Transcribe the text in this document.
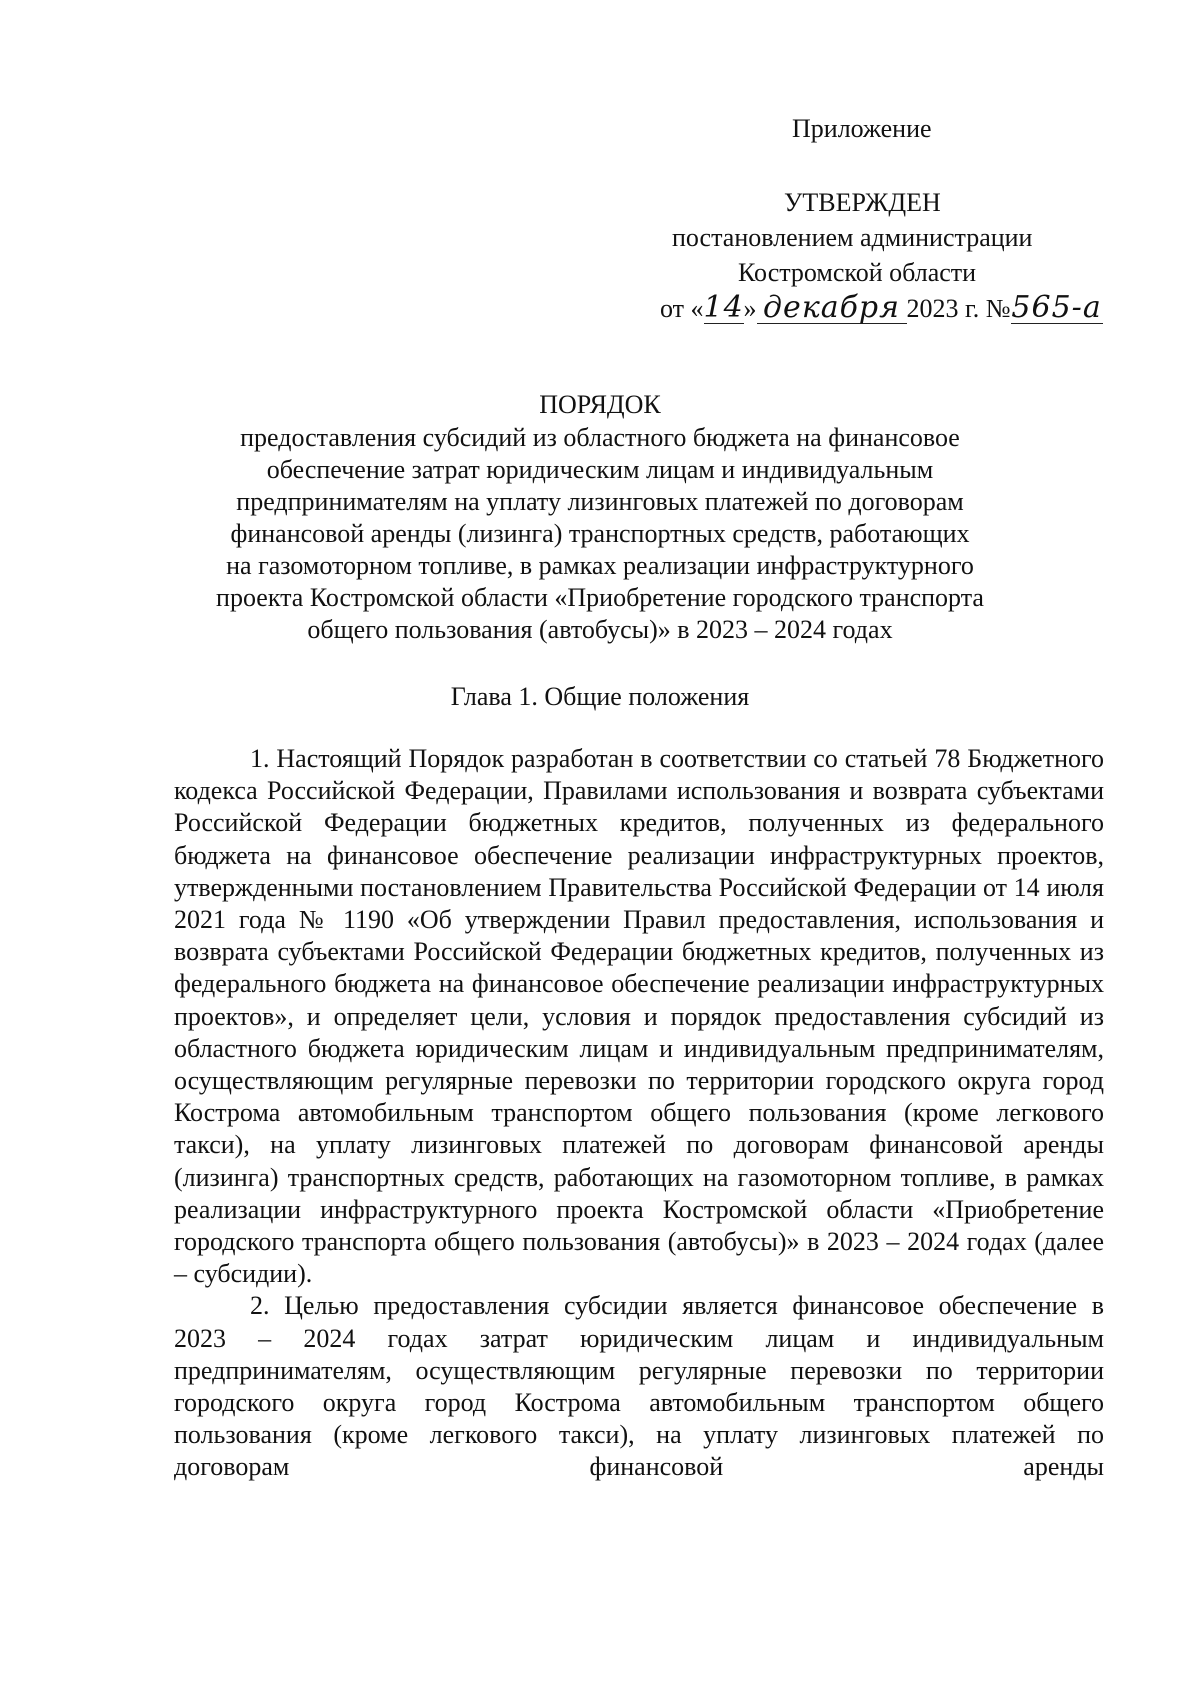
Приложение
УТВЕРЖДЕН
постановлением администрации
Костромской области
от «14» декабря 2023 г. №565-а
ПОРЯДОК
предоставления субсидий из областного бюджета на финансовое
обеспечение затрат юридическим лицам и индивидуальным
предпринимателям на уплату лизинговых платежей по договорам
финансовой аренды (лизинга) транспортных средств, работающих
на газомоторном топливе, в рамках реализации инфраструктурного
проекта Костромской области «Приобретение городского транспорта
общего пользования (автобусы)» в 2023 – 2024 годах
Глава 1. Общие положения

1. Настоящий Порядок разработан в соответствии со статьей 78 Бюджетного кодекса Российской Федерации, Правилами использования и возврата субъектами Российской Федерации бюджетных кредитов, полученных из федерального бюджета на финансовое обеспечение реализации инфраструктурных проектов, утвержденными постановлением Правительства Российской Федерации от 14 июля 2021 года № 1190 «Об утверждении Правил предоставления, использования и возврата субъектами Российской Федерации бюджетных кредитов, полученных из федерального бюджета на финансовое обеспечение реализации инфраструктурных проектов», и определяет цели, условия и порядок предоставления субсидий из областного бюджета юридическим лицам и индивидуальным предпринимателям, осуществляющим регулярные перевозки по территории городского округа город Кострома автомобильным транспортом общего пользования (кроме легкового такси), на уплату лизинговых платежей по договорам финансовой аренды (лизинга) транспортных средств, работающих на газомоторном топливе, в рамках реализации инфраструктурного проекта Костромской области «Приобретение городского транспорта общего пользования (автобусы)» в 2023 – 2024 годах (далее – субсидии).

2. Целью предоставления субсидии является финансовое обеспечение в 2023 – 2024 годах затрат юридическим лицам и индивидуальным предпринимателям, осуществляющим регулярные перевозки по территории городского округа город Кострома автомобильным транспортом общего пользования (кроме легкового такси), на уплату лизинговых платежей по договорам финансовой аренды
